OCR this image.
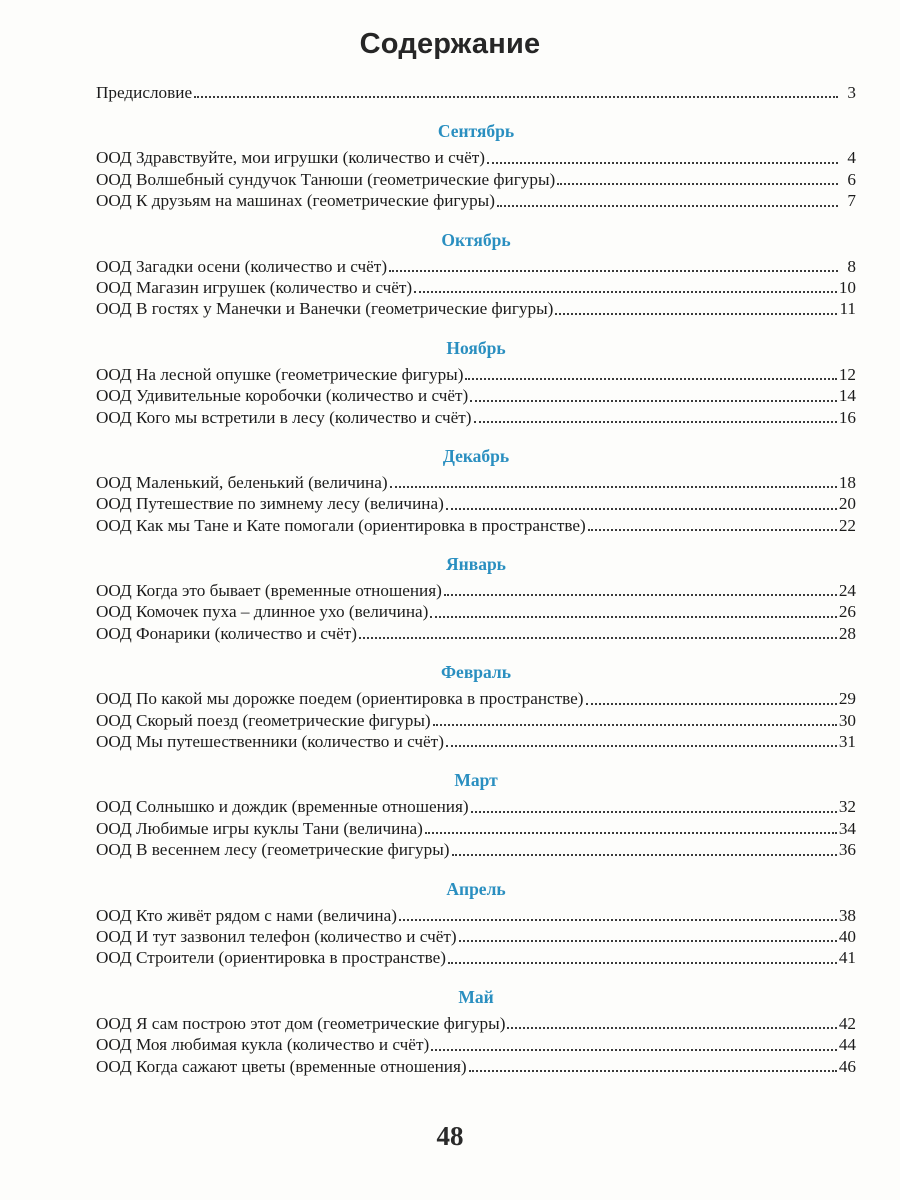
Содержание
Предисловие	3
Сентябрь
ООД Здравствуйте, мои игрушки (количество и счёт)	4
ООД Волшебный сундучок Танюши (геометрические фигуры)	6
ООД К друзьям на машинах (геометрические фигуры)	7
Октябрь
ООД Загадки осени (количество и счёт)	8
ООД Магазин игрушек (количество и счёт)	10
ООД В гостях у Манечки и Ванечки (геометрические фигуры)	11
Ноябрь
ООД На лесной опушке (геометрические фигуры)	12
ООД Удивительные коробочки (количество и счёт)	14
ООД Кого мы встретили в лесу (количество и счёт)	16
Декабрь
ООД Маленький, беленький (величина)	18
ООД Путешествие по зимнему лесу (величина)	20
ООД Как мы Тане и Кате помогали (ориентировка в пространстве)	22
Январь
ООД Когда это бывает (временные отношения)	24
ООД Комочек пуха – длинное ухо (величина)	26
ООД Фонарики (количество и счёт)	28
Февраль
ООД По какой мы дорожке поедем (ориентировка в пространстве)	29
ООД Скорый поезд (геометрические фигуры)	30
ООД Мы путешественники (количество и счёт)	31
Март
ООД Солнышко и дождик (временные отношения)	32
ООД Любимые игры куклы Тани (величина)	34
ООД В весеннем лесу (геометрические фигуры)	36
Апрель
ООД Кто живёт рядом с нами (величина)	38
ООД И тут зазвонил телефон (количество и счёт)	40
ООД Строители (ориентировка в пространстве)	41
Май
ООД Я сам построю этот дом (геометрические фигуры)	42
ООД Моя любимая кукла (количество и счёт)	44
ООД Когда сажают цветы (временные отношения)	46
48
